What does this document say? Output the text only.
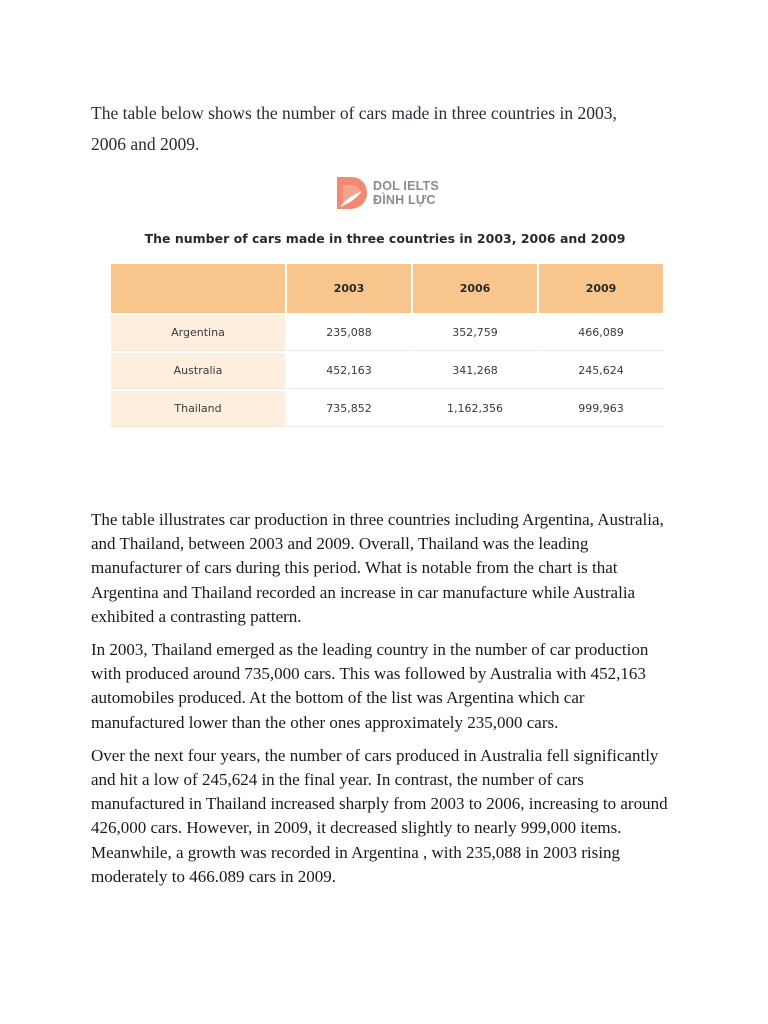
The table below shows the number of cars made in three countries in 2003,
2006 and 2009.
DOL IELTS
ĐÌNH LỰC
The number of cars made in three countries in 2003, 2006 and 2009
	2003	2006	2009
Argentina	235,088	352,759	466,089
Australia	452,163	341,268	245,624
Thailand	735,852	1,162,356	999,963

The table illustrates car production in three countries including Argentina, Australia, and Thailand, between 2003 and 2009. Overall, Thailand was the leading manufacturer of cars during this period. What is notable from the chart is that Argentina and Thailand recorded an increase in car manufacture while Australia exhibited a contrasting pattern.

In 2003, Thailand emerged as the leading country in the number of car production with produced around 735,000 cars. This was followed by Australia with 452,163 automobiles produced. At the bottom of the list was Argentina which car manufactured lower than the other ones approximately 235,000 cars.

Over the next four years, the number of cars produced in Australia fell significantly and hit a low of 245,624 in the final year. In contrast, the number of cars manufactured in Thailand increased sharply from 2003 to 2006, increasing to around 426,000 cars. However, in 2009, it decreased slightly to nearly 999,000 items. Meanwhile, a growth was recorded in Argentina , with 235,088 in 2003 rising moderately to 466.089 cars in 2009.
